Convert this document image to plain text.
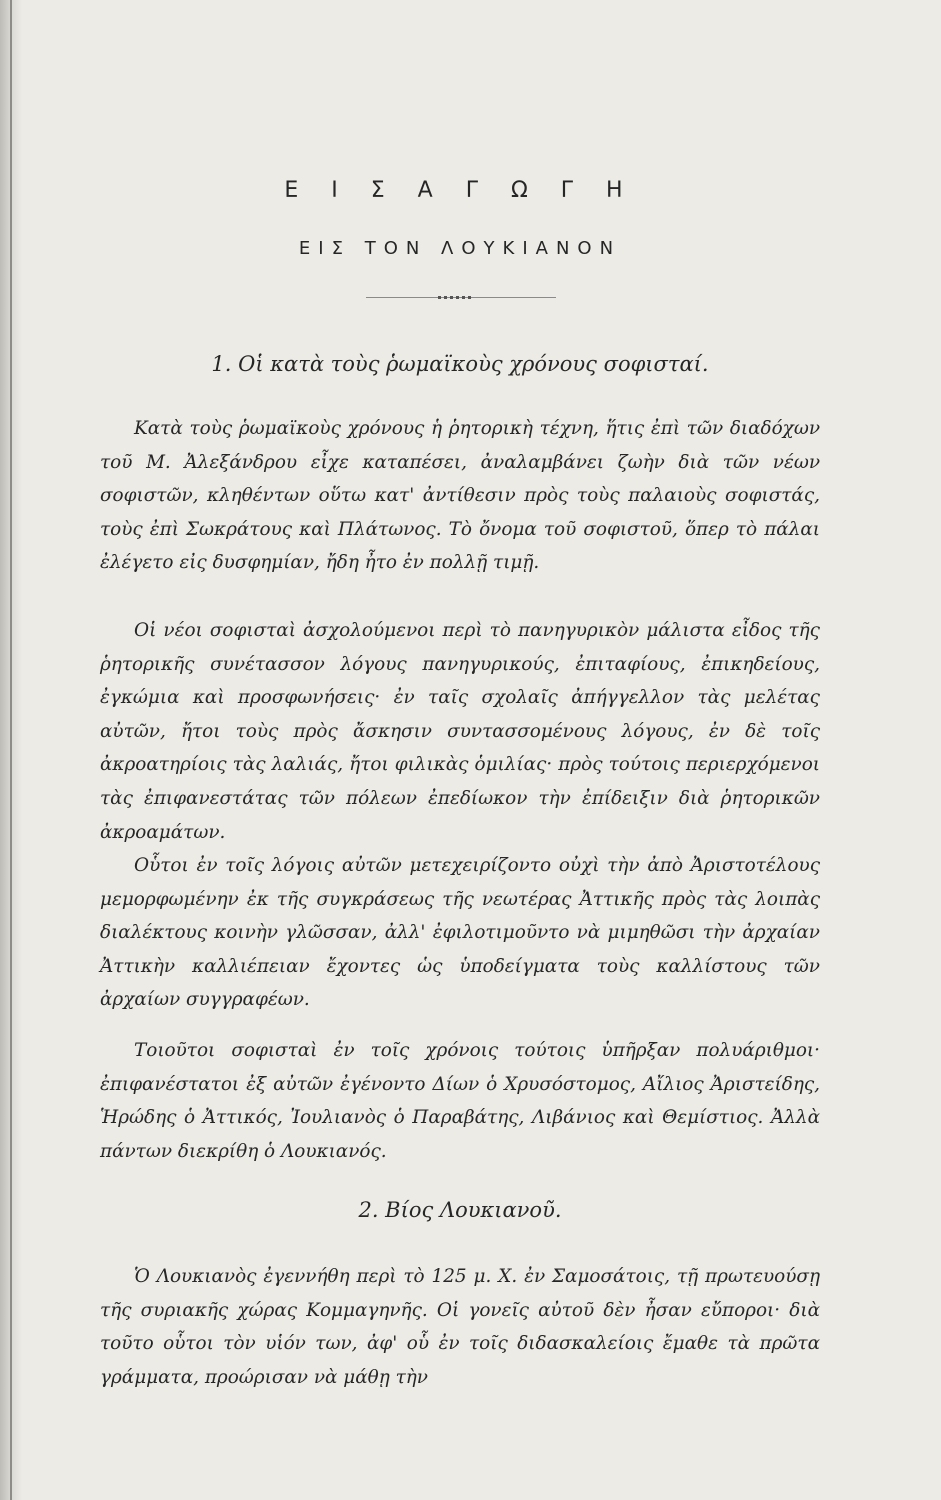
Ε Ι Σ Α Γ Ω Γ Η
ΕΙΣ ΤΟΝ ΛΟΥΚΙΑΝΟΝ
1. Οἱ κατὰ τοὺς ῥωμαϊκοὺς χρόνους σοφισταί.

Κατὰ τοὺς ῥωμαϊκοὺς χρόνους ἡ ῥητορικὴ τέχνη, ἥτις ἐπὶ τῶν διαδόχων τοῦ Μ. Ἀλεξάνδρου εἶχε καταπέσει, ἀναλαμβάνει ζωὴν διὰ τῶν νέων σοφιστῶν, κληθέντων οὕτω κατ' ἀντίθεσιν πρὸς τοὺς παλαιοὺς σοφιστάς, τοὺς ἐπὶ Σωκράτους καὶ Πλάτωνος. Τὸ ὄνομα τοῦ σοφιστοῦ, ὅπερ τὸ πάλαι ἐλέγετο εἰς δυσφημίαν, ἤδη ἦτο ἐν πολλῇ τιμῇ.

Οἱ νέοι σοφισταὶ ἀσχολούμενοι περὶ τὸ πανηγυρικὸν μάλιστα εἶδος τῆς ῥητορικῆς συνέτασσον λόγους πανηγυρικούς, ἐπιταφίους, ἐπικηδείους, ἐγκώμια καὶ προσφωνήσεις· ἐν ταῖς σχολαῖς ἀπήγγελλον τὰς μελέτας αὐτῶν, ἤτοι τοὺς πρὸς ἄσκησιν συντασσομένους λόγους, ἐν δὲ τοῖς ἀκροατηρίοις τὰς λαλιάς, ἤτοι φιλικὰς ὁμιλίας· πρὸς τούτοις περιερχόμενοι τὰς ἐπιφανεστάτας τῶν πόλεων ἐπεδίωκον τὴν ἐπίδειξιν διὰ ῥητορικῶν ἀκροαμάτων.

Οὗτοι ἐν τοῖς λόγοις αὐτῶν μετεχειρίζοντο οὐχὶ τὴν ἀπὸ Ἀριστοτέλους μεμορφωμένην ἐκ τῆς συγκράσεως τῆς νεωτέρας Ἀττικῆς πρὸς τὰς λοιπὰς διαλέκτους κοινὴν γλῶσσαν, ἀλλ' ἐφιλοτιμοῦντο νὰ μιμηθῶσι τὴν ἀρχαίαν Ἀττικὴν καλλιέπειαν ἔχοντες ὡς ὑποδείγματα τοὺς καλλίστους τῶν ἀρχαίων συγγραφέων.

Τοιοῦτοι σοφισταὶ ἐν τοῖς χρόνοις τούτοις ὑπῆρξαν πολυάριθμοι· ἐπιφανέστατοι ἐξ αὐτῶν ἐγένοντο Δίων ὁ Χρυσόστομος, Αἴλιος Ἀριστείδης, Ἡρώδης ὁ Ἀττικός, Ἰουλιανὸς ὁ Παραβάτης, Λιβάνιος καὶ Θεμίστιος. Ἀλλὰ πάντων διεκρίθη ὁ Λουκιανός.

2. Βίος Λουκιανοῦ.

Ὁ Λουκιανὸς ἐγεννήθη περὶ τὸ 125 μ. Χ. ἐν Σαμοσάτοις, τῇ πρωτευούσῃ τῆς συριακῆς χώρας Κομμαγηνῆς. Οἱ γονεῖς αὐτοῦ δὲν ἦσαν εὔποροι· διὰ τοῦτο οὗτοι τὸν υἱόν των, ἀφ' οὗ ἐν τοῖς διδασκαλείοις ἔμαθε τὰ πρῶτα γράμματα, προώρισαν νὰ μάθῃ τὴν
